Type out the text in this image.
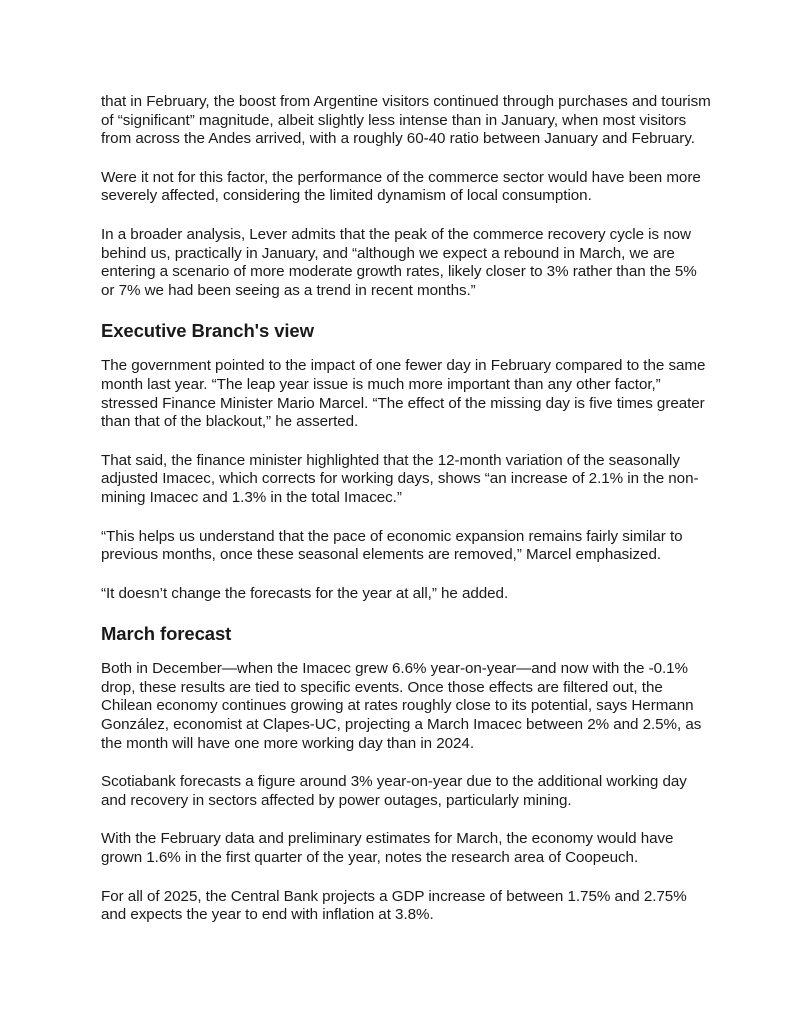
that in February, the boost from Argentine visitors continued through purchases and tourism of “significant” magnitude, albeit slightly less intense than in January, when most visitors from across the Andes arrived, with a roughly 60-40 ratio between January and February.

Were it not for this factor, the performance of the commerce sector would have been more severely affected, considering the limited dynamism of local consumption.

In a broader analysis, Lever admits that the peak of the commerce recovery cycle is now behind us, practically in January, and “although we expect a rebound in March, we are entering a scenario of more moderate growth rates, likely closer to 3% rather than the 5% or 7% we had been seeing as a trend in recent months.”

Executive Branch's view

The government pointed to the impact of one fewer day in February compared to the same month last year. “The leap year issue is much more important than any other factor,” stressed Finance Minister Mario Marcel. “The effect of the missing day is five times greater than that of the blackout,” he asserted.

That said, the finance minister highlighted that the 12-month variation of the seasonally adjusted Imacec, which corrects for working days, shows “an increase of 2.1% in the non-mining Imacec and 1.3% in the total Imacec.”

“This helps us understand that the pace of economic expansion remains fairly similar to previous months, once these seasonal elements are removed,” Marcel emphasized.

“It doesn’t change the forecasts for the year at all,” he added.

March forecast

Both in December—when the Imacec grew 6.6% year-on-year—and now with the -0.1% drop, these results are tied to specific events. Once those effects are filtered out, the Chilean economy continues growing at rates roughly close to its potential, says Hermann González, economist at Clapes-UC, projecting a March Imacec between 2% and 2.5%, as the month will have one more working day than in 2024.

Scotiabank forecasts a figure around 3% year-on-year due to the additional working day and recovery in sectors affected by power outages, particularly mining.

With the February data and preliminary estimates for March, the economy would have grown 1.6% in the first quarter of the year, notes the research area of Coopeuch.

For all of 2025, the Central Bank projects a GDP increase of between 1.75% and 2.75% and expects the year to end with inflation at 3.8%.
